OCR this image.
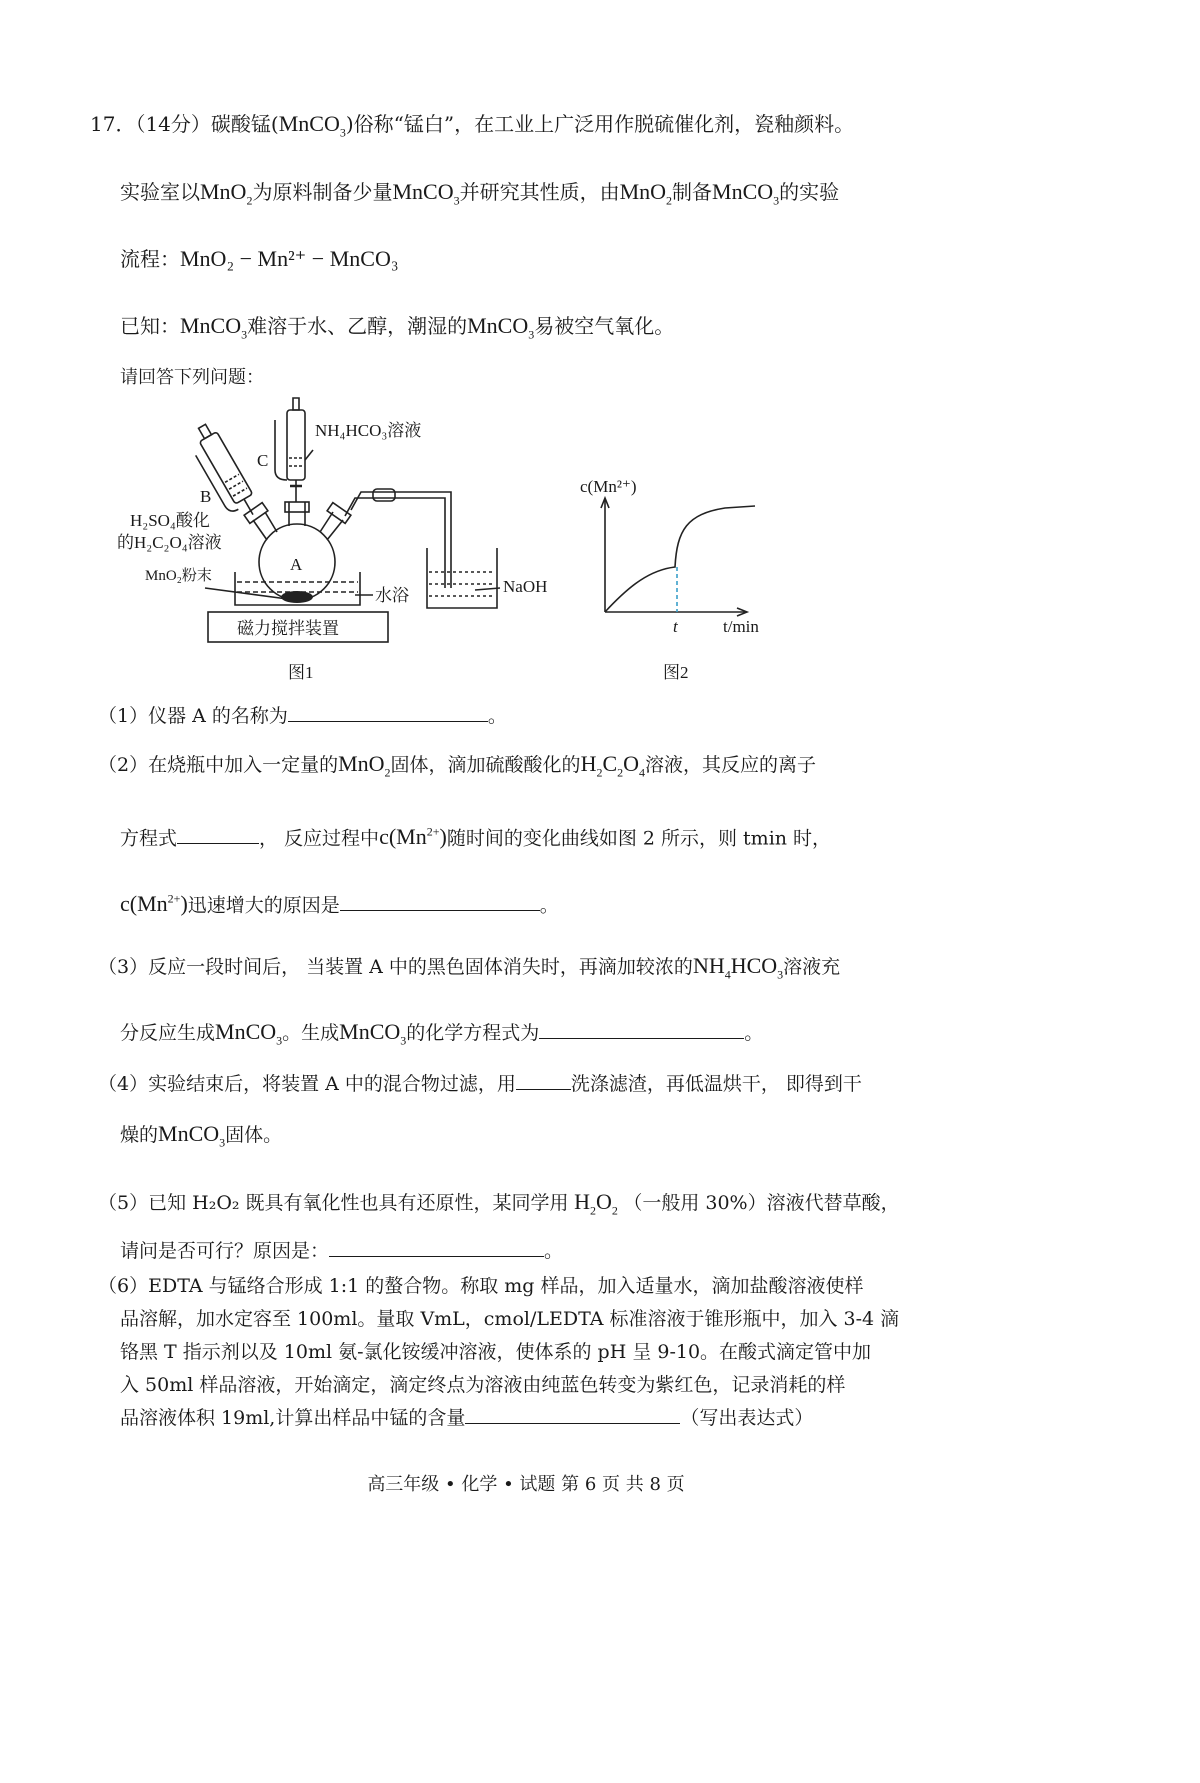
17．（14分）碳酸锰(MnCO$_3$)俗称“锰白”，在工业上广泛用作脱硫催化剂，瓷釉颜料。
实验室以MnO$_2$为原料制备少量MnCO$_3$并研究其性质，由MnO$_2$制备MnCO$_3$的实验
流程：MnO₂ − Mn²⁺ − MnCO₃
已知：MnCO$_3$难溶于水、乙醇，潮湿的MnCO$_3$易被空气氧化。
请回答下列问题：
NH₄HCO₃溶液
C
B
H₂SO₄酸化
的H₂C₂O₄溶液
MnO₂粉末
A
水浴	NaOH
磁力搅拌装置
图1
c(Mn²⁺)
t	t/min
图2
（1）仪器 A 的名称为	。
（2）在烧瓶中加入一定量的MnO$_2$固体，滴加硫酸酸化的$H_2C_2O_4$溶液，其反应的离子
方程式	， 反应过程中$c(Mn^{2+})$随时间的变化曲线如图 2 所示，则 tmin 时，
$c(Mn^{2+})$迅速增大的原因是	。
（3）反应一段时间后， 当装置 A 中的黑色固体消失时，再滴加较浓的$NH_4HCO_3$溶液充
分反应生成MnCO$_3$。生成MnCO$_3$的化学方程式为	。
（4）实验结束后，将装置 A 中的混合物过滤，用	洗涤滤渣，再低温烘干， 即得到干
燥的MnCO$_3$固体。
（5）已知 H₂O₂ 既具有氧化性也具有还原性，某同学用 $H_2O_2$ （一般用 30%）溶液代替草酸，
请问是否可行？原因是：	。
（6）EDTA 与锰络合形成 1:1 的螯合物。称取 mg 样品，加入适量水，滴加盐酸溶液使样
品溶解，加水定容至 100ml。量取 VmL，cmol/LEDTA 标准溶液于锥形瓶中，加入 3-4 滴
铬黑 T 指示剂以及 10ml 氨-氯化铵缓冲溶液，使体系的 pH 呈 9-10。在酸式滴定管中加
入 50ml 样品溶液，开始滴定，滴定终点为溶液由纯蓝色转变为紫红色，记录消耗的样
品溶液体积 19ml,计算出样品中锰的含量	（写出表达式）
高三年级 • 化学 • 试题 第 6 页 共 8 页
